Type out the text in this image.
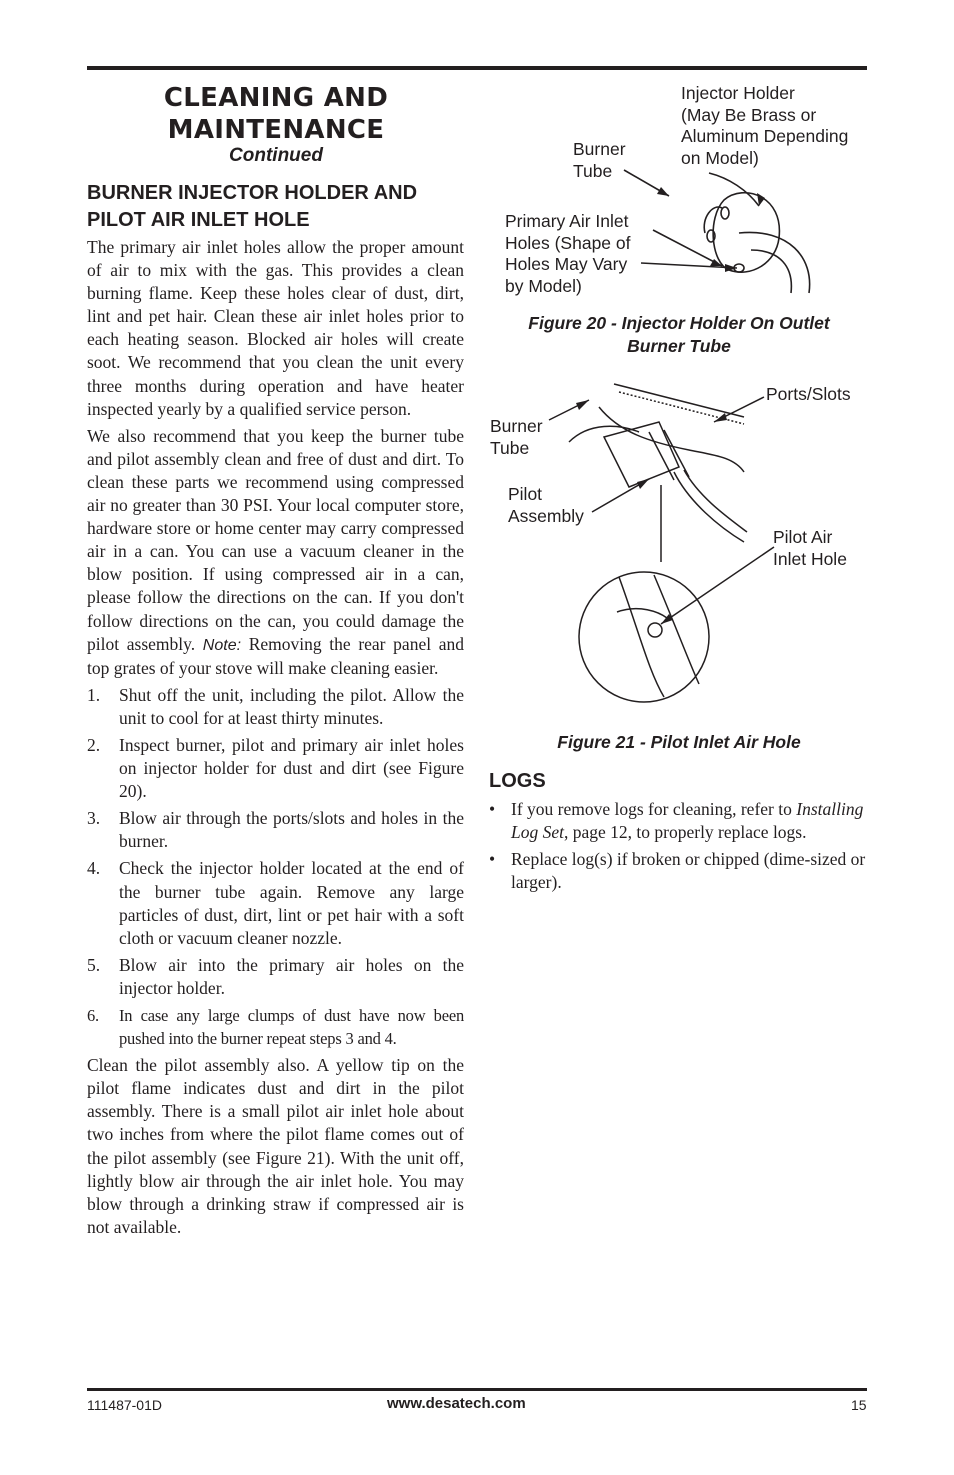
CLEANING AND
MAINTENANCE
Continued
BURNER INJECTOR HOLDER AND
PILOT AIR INLET HOLE

The primary air inlet holes allow the proper amount of air to mix with the gas. This provides a clean burning flame. Keep these holes clear of dust, dirt, lint and pet hair. Clean these air inlet holes prior to each heating season. Blocked air holes will create soot. We recommend that you clean the unit every three months during operation and have heater inspected yearly by a qualified service person.

We also recommend that you keep the burner tube and pilot assembly clean and free of dust and dirt. To clean these parts we recommend using compressed air no greater than 30 PSI. Your local computer store, hardware store or home center may carry compressed air in a can. You can use a vacuum cleaner in the blow position. If using compressed air in a can, please follow the directions on the can. If you don't follow directions on the can, you could damage the pilot assembly. Note: Removing the rear panel and top grates of your stove will make cleaning easier.

1. Shut off the unit, including the pilot. Allow the unit to cool for at least thirty minutes.
2. Inspect burner, pilot and primary air inlet holes on injector holder for dust and dirt (see Figure 20).
3. Blow air through the ports/slots and holes in the burner.
4. Check the injector holder located at the end of the burner tube again. Remove any large particles of dust, dirt, lint or pet hair with a soft cloth or vacuum cleaner nozzle.
5. Blow air into the primary air holes on the injector holder.
6. In case any large clumps of dust have now been pushed into the burner repeat steps 3 and 4.

Clean the pilot assembly also. A yellow tip on the pilot flame indicates dust and dirt in the pilot assembly. There is a small pilot air inlet hole about two inches from where the pilot flame comes out of the pilot assembly (see Figure 21). With the unit off, lightly blow air through the air inlet hole. You may blow through a drinking straw if compressed air is not available.

Injector Holder
(May Be Brass or
Aluminum Depending
on Model)
Burner
Tube
Primary Air Inlet
Holes (Shape of
Holes May Vary
by Model)
Figure 20 - Injector Holder On Outlet
Burner Tube
Ports/Slots
Burner
Tube
Pilot
Assembly
Pilot Air
Inlet Hole
Figure 21 - Pilot Inlet Air Hole
LOGS
• If you remove logs for cleaning, refer to Installing Log Set, page 12, to properly replace logs.
• Replace log(s) if broken or chipped (dime-sized or larger).
111487-01D	www.desatech.com	15
